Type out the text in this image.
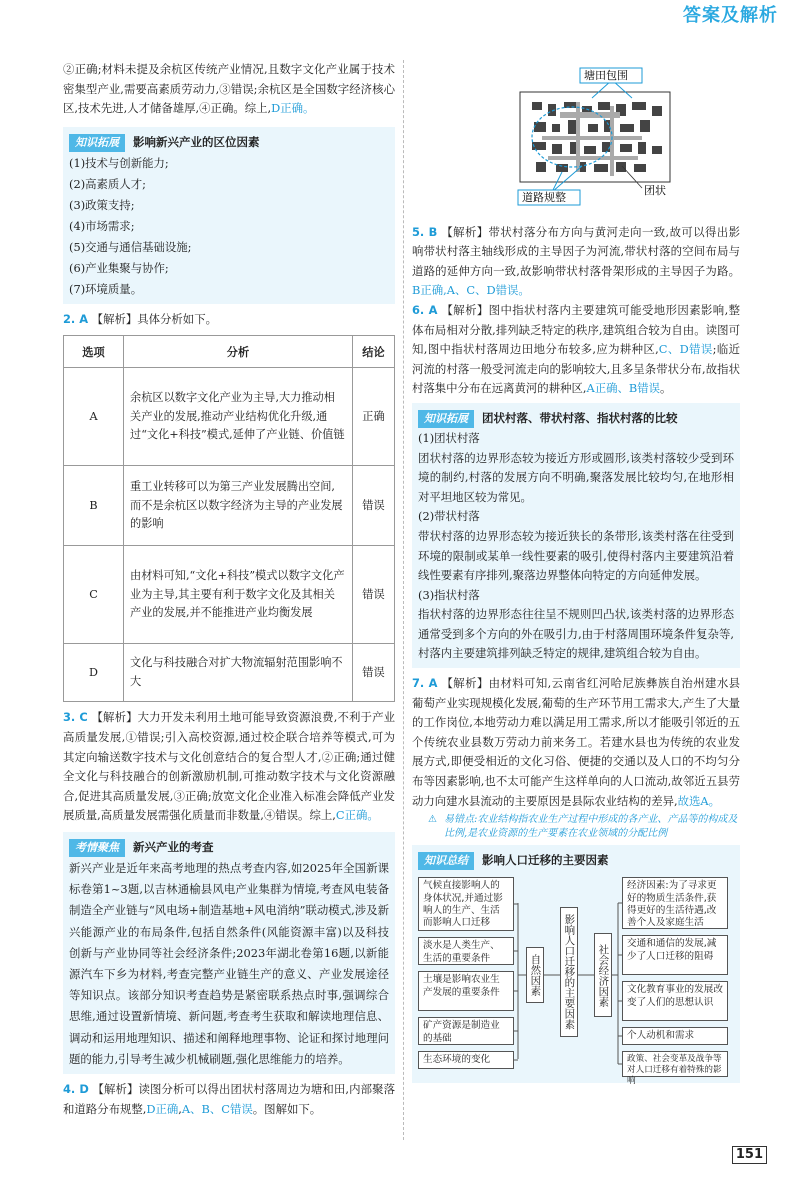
答案及解析

②正确;材料未提及余杭区传统产业情况,且数字文化产业属于技术密集型产业,需要高素质劳动力,③错误;余杭区是全国数字经济核心区,技术先进,人才储备雄厚,④正确。综上,D正确。

知识拓展 影响新兴产业的区位因素
(1)技术与创新能力;
(2)高素质人才;
(3)政策支持;
(4)市场需求;
(5)交通与通信基础设施;
(6)产业集聚与协作;
(7)环境质量。

2. A 【解析】具体分析如下。

选项	分析	结论
A	余杭区以数字文化产业为主导,大力推动相关产业的发展,推动产业结构优化升级,通过“文化+科技”模式,延伸了产业链、价值链	正确
B	重工业转移可以为第三产业发展腾出空间,而不是余杭区以数字经济为主导的产业发展的影响	错误
C	由材料可知,“文化+科技”模式以数字文化产业为主导,其主要有利于数字文化及其相关产业的发展,并不能推进产业均衡发展	错误
D	文化与科技融合对扩大物流辐射范围影响不大	错误

3. C 【解析】大力开发未利用土地可能导致资源浪费,不利于产业高质量发展,①错误;引入高校资源,通过校企联合培养等模式,可为其定向输送数字技术与文化创意结合的复合型人才,②正确;通过健全文化与科技融合的创新激励机制,可推动数字技术与文化资源融合,促进其高质量发展,③正确;放宽文化企业准入标准会降低产业发展质量,高质量发展需强化质量而非数量,④错误。综上,C正确。

考情聚焦 新兴产业的考查

新兴产业是近年来高考地理的热点考查内容,如2025年全国新课标卷第1~3题,以吉林通榆县风电产业集群为情境,考查风电装备制造全产业链与“风电场+制造基地+风电消纳”联动模式,涉及新兴能源产业的布局条件,包括自然条件(风能资源丰富)以及科技创新与产业协同等社会经济条件;2023年湖北卷第16题,以新能源汽车下乡为材料,考查完整产业链生产的意义、产业发展途径等知识点。该部分知识考查趋势是紧密联系热点时事,强调综合思维,通过设置新情境、新问题,考查考生获取和解读地理信息、调动和运用地理知识、描述和阐释地理事物、论证和探讨地理问题的能力,引导考生减少机械刷题,强化思维能力的培养。

4. D 【解析】读图分析可以得出团状村落周边为塘和田,内部聚落和道路分布规整,D正确,A、B、C错误。图解如下。

塘田包围
道路规整
团状

5. B 【解析】带状村落分布方向与黄河走向一致,故可以得出影响带状村落主轴线形成的主导因子为河流,带状村落的空间布局与道路的延伸方向一致,故影响带状村落骨架形成的主导因子为路。B正确,A、C、D错误。

6. A 【解析】图中指状村落内主要建筑可能受地形因素影响,整体布局相对分散,排列缺乏特定的秩序,建筑组合较为自由。读图可知,图中指状村落周边田地分布较多,应为耕种区,C、D错误;临近河流的村落一般受河流走向的影响较大,且多呈条带状分布,故指状村落集中分布在远离黄河的耕种区,A正确、B错误。

知识拓展 团状村落、带状村落、指状村落的比较

(1)团状村落

团状村落的边界形态较为接近方形或圆形,该类村落较少受到环境的制约,村落的发展方向不明确,聚落发展比较均匀,在地形相对平坦地区较为常见。

(2)带状村落

带状村落的边界形态较为接近狭长的条带形,该类村落在往受到环境的限制或某单一线性要素的吸引,使得村落内主要建筑沿着线性要素有序排列,聚落边界整体向特定的方向延伸发展。

(3)指状村落

指状村落的边界形态往往呈不规则凹凸状,该类村落的边界形态通常受到多个方向的外在吸引力,由于村落周围环境条件复杂等,村落内主要建筑排列缺乏特定的规律,建筑组合较为自由。

7. A 【解析】由材料可知,云南省红河哈尼族彝族自治州建水县葡萄产业实现规模化发展,葡萄的生产环节用工需求大,产生了大量的工作岗位,本地劳动力难以满足用工需求,所以才能吸引邻近的五个传统农业县数万劳动力前来务工。若建水县也为传统的农业发展方式,即便受相近的文化习俗、便捷的交通以及人口的不均匀分布等因素影响,也不太可能产生这样单向的人口流动,故邻近五县劳动力向建水县流动的主要原因是县际农业结构的差异,故选A。

⚠ 易错点:农业结构指农业生产过程中形成的各产业、产品等的构成及比例,是农业资源的生产要素在农业领域的分配比例
知识总结 影响人口迁移的主要因素
气候直接影响人的身体状况,并通过影响人的生产、生活而影响人口迁移
淡水是人类生产、生活的重要条件
土壤是影响农业生产发展的重要条件
矿产资源是制造业的基础
生态环境的变化
自然因素	影响人口迁移的主要因素	社会经济因素
经济因素:为了寻求更好的物质生活条件,获得更好的生活待遇,改善个人及家庭生活
交通和通信的发展,减少了人口迁移的阻碍
文化教育事业的发展改变了人们的思想认识
个人动机和需求
政策、社会变革及战争等对人口迁移有着特殊的影响
151
